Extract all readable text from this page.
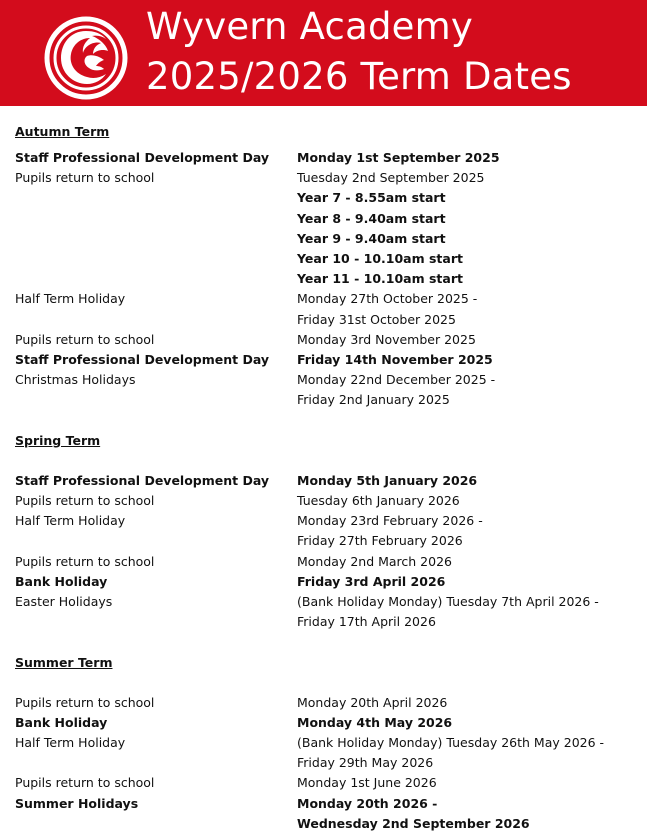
Wyvern Academy
2025/2026 Term Dates
Autumn Term
Staff Professional Development Day	Monday 1st September 2025
Pupils return to school	Tuesday 2nd September 2025
Year 7 - 8.55am start
Year 8 - 9.40am start
Year 9 - 9.40am start
Year 10 - 10.10am start
Year 11 - 10.10am start
Half Term Holiday	Monday 27th October 2025 -
Friday 31st October 2025
Pupils return to school	Monday 3rd November 2025
Staff Professional Development Day	Friday 14th November 2025
Christmas Holidays	Monday 22nd December 2025 -
Friday 2nd January 2025
Spring Term
Staff Professional Development Day	Monday 5th January 2026
Pupils return to school	Tuesday 6th January 2026
Half Term Holiday	Monday 23rd February 2026 -
Friday 27th February 2026
Pupils return to school	Monday 2nd March 2026
Bank Holiday	Friday 3rd April 2026
Easter Holidays	(Bank Holiday Monday) Tuesday 7th April 2026 -
Friday 17th April 2026
Summer Term
Pupils return to school	Monday 20th April 2026
Bank Holiday	Monday 4th May 2026
Half Term Holiday	(Bank Holiday Monday) Tuesday 26th May 2026 -
Friday 29th May 2026
Pupils return to school	Monday 1st June 2026
Summer Holidays	Monday 20th 2026 -
Wednesday 2nd September 2026
